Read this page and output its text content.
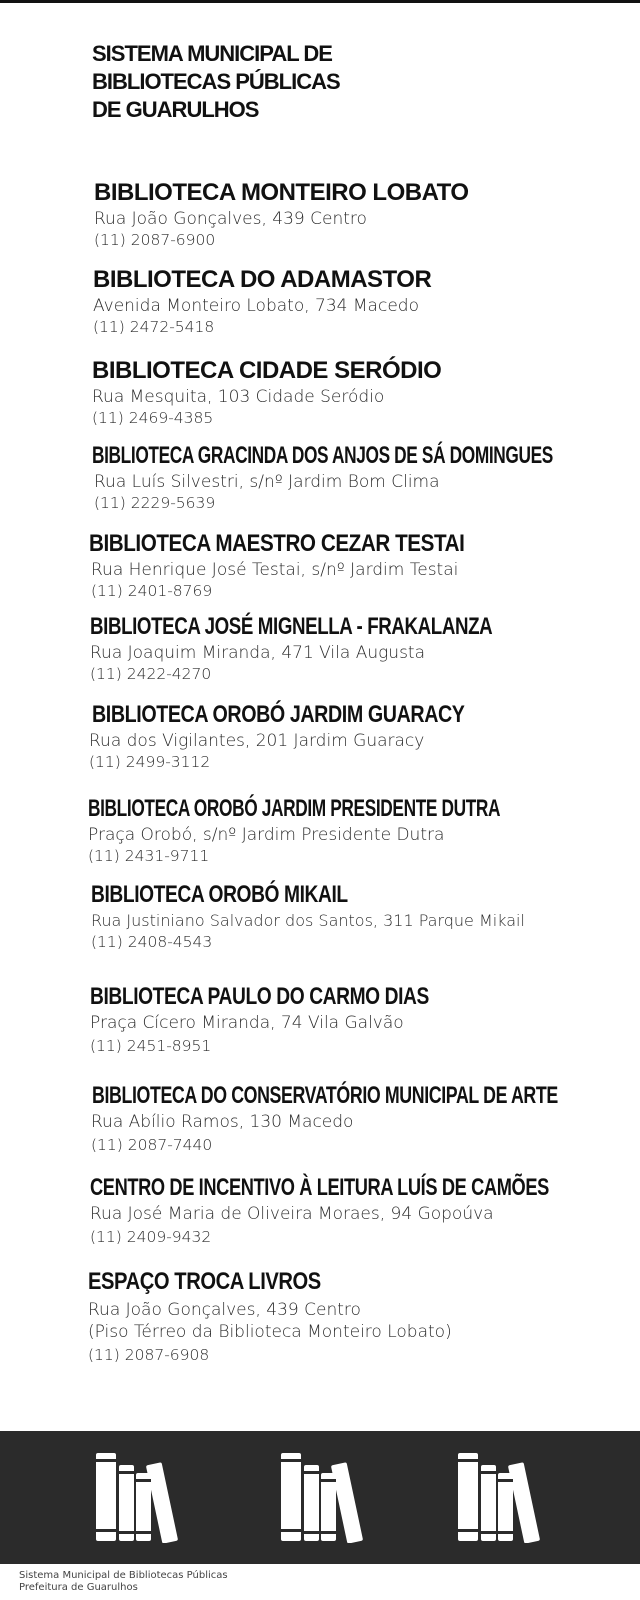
SISTEMA MUNICIPAL DE
BIBLIOTECAS PÚBLICAS
DE GUARULHOS
BIBLIOTECA MONTEIRO LOBATO
Rua João Gonçalves, 439 Centro
(11) 2087-6900
BIBLIOTECA DO ADAMASTOR
Avenida Monteiro Lobato, 734 Macedo
(11) 2472-5418
BIBLIOTECA CIDADE SERÓDIO
Rua Mesquita, 103 Cidade Seródio
(11) 2469-4385
BIBLIOTECA GRACINDA DOS ANJOS DE SÁ DOMINGUES
Rua Luís Silvestri, s/nº Jardim Bom Clima
(11) 2229-5639
BIBLIOTECA MAESTRO CEZAR TESTAI
Rua Henrique José Testai, s/nº Jardim Testai
(11) 2401-8769
BIBLIOTECA JOSÉ MIGNELLA - FRAKALANZA
Rua Joaquim Miranda, 471 Vila Augusta
(11) 2422-4270
BIBLIOTECA OROBÓ JARDIM GUARACY
Rua dos Vigilantes, 201 Jardim Guaracy
(11) 2499-3112
BIBLIOTECA OROBÓ JARDIM PRESIDENTE DUTRA
Praça Orobó, s/nº Jardim Presidente Dutra
(11) 2431-9711
BIBLIOTECA OROBÓ MIKAIL
Rua Justiniano Salvador dos Santos, 311 Parque Mikail
(11) 2408-4543
BIBLIOTECA PAULO DO CARMO DIAS
Praça Cícero Miranda, 74 Vila Galvão
(11) 2451-8951
BIBLIOTECA DO CONSERVATÓRIO MUNICIPAL DE ARTE
Rua Abílio Ramos, 130 Macedo
(11) 2087-7440
CENTRO DE INCENTIVO À LEITURA LUÍS DE CAMÕES
Rua José Maria de Oliveira Moraes, 94 Gopoúva
(11) 2409-9432
ESPAÇO TROCA LIVROS
Rua João Gonçalves, 439 Centro
(Piso Térreo da Biblioteca Monteiro Lobato)
(11) 2087-6908
Sistema Municipal de Bibliotecas Públicas
Prefeitura de Guarulhos
